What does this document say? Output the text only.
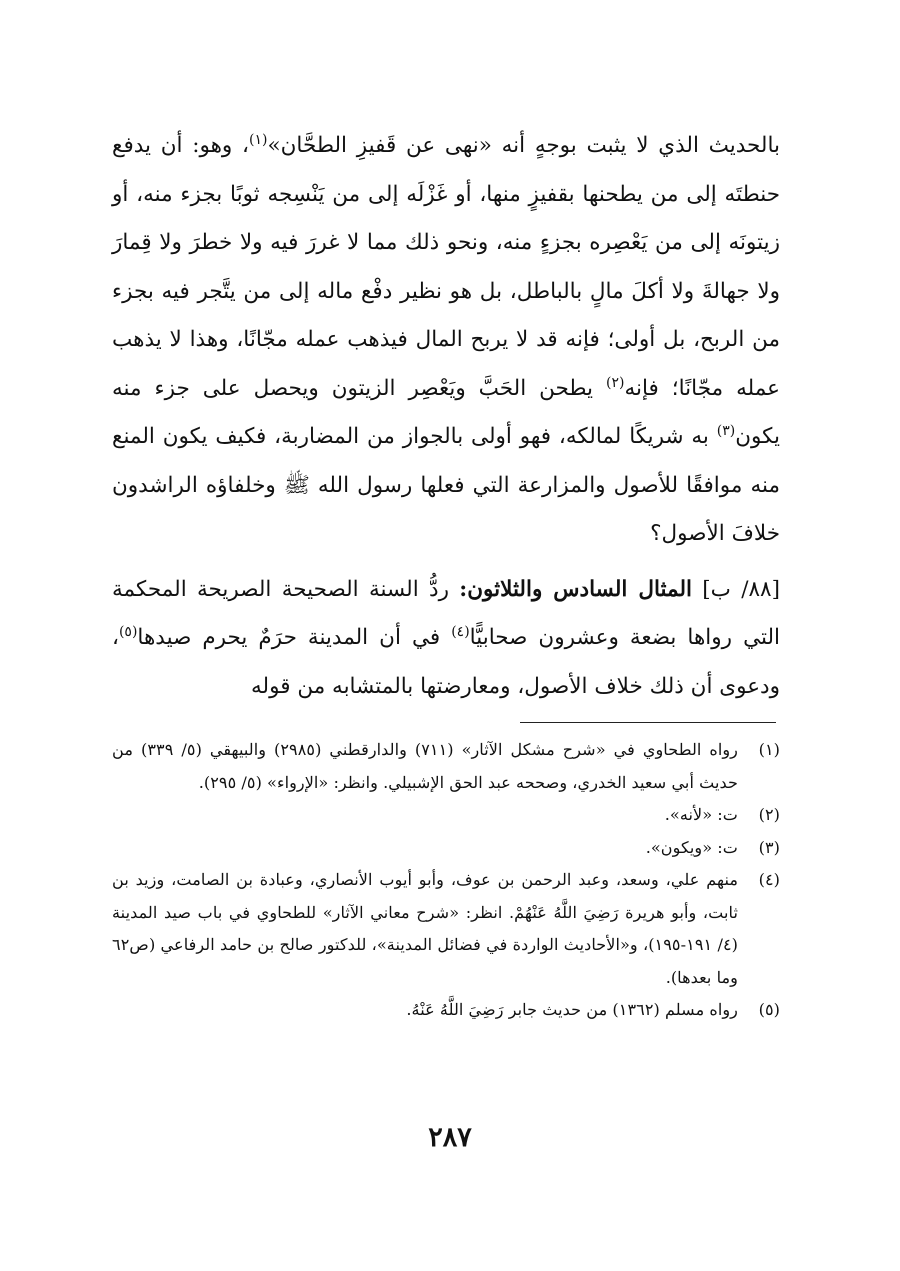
بالحديث الذي لا يثبت بوجهٍ أنه «نهى عن قَفيزِ الطحَّان»$^{(١)}$، وهو: أن يدفع حنطتَه إلى من يطحنها بقفيزٍ منها، أو غَزْلَه إلى من يَنْسِجه ثوبًا بجزء منه، أو زيتونَه إلى من يَعْصِره بجزءٍ منه، ونحو ذلك مما لا غررَ فيه ولا خطرَ ولا قِمارَ ولا جهالةَ ولا أكلَ مالٍ بالباطل، بل هو نظير دفْع ماله إلى من يتَّجر فيه بجزء من الربح، بل أولى؛ فإنه قد لا يربح المال فيذهب عمله مجّانًا، وهذا لا يذهب عمله مجّانًا؛ فإنه$^{(٢)}$ يطحن الحَبَّ ويَعْصِر الزيتون ويحصل على جزء منه يكون$^{(٣)}$ به شريكًا لمالكه، فهو أولى بالجواز من المضاربة، فكيف يكون المنع منه موافقًا للأصول والمزارعة التي فعلها رسول الله ﷺ وخلفاؤه الراشدون خلافَ الأصول؟

[٨٨/ ب] المثال السادس والثلاثون: ردُّ السنة الصحيحة الصريحة المحكمة التي رواها بضعة وعشرون صحابيًّا$^{(٤)}$ في أن المدينة حرَمٌ يحرم صيدها$^{(٥)}$، ودعوى أن ذلك خلاف الأصول، ومعارضتها بالمتشابه من قوله

(١)
رواه الطحاوي في «شرح مشكل الآثار» (٧١١) والدارقطني (٢٩٨٥) والبيهقي (٥/ ٣٣٩) من حديث أبي سعيد الخدري، وصححه عبد الحق الإشبيلي. وانظر: «الإرواء» (٥/ ٢٩٥).
(٢)
ت: «لأنه».
(٣)
ت: «ويكون».
(٤)
منهم علي، وسعد، وعبد الرحمن بن عوف، وأبو أيوب الأنصاري، وعبادة بن الصامت، وزيد بن ثابت، وأبو هريرة رَضِيَ اللَّهُ عَنْهُمْ. انظر: «شرح معاني الآثار» للطحاوي في باب صيد المدينة (٤/ ١٩١-١٩٥)، و«الأحاديث الواردة في فضائل المدينة»، للدكتور صالح بن حامد الرفاعي (ص٦٢ وما بعدها).
(٥)
رواه مسلم (١٣٦٢) من حديث جابر رَضِيَ اللَّهُ عَنْهُ.
٢٨٧
